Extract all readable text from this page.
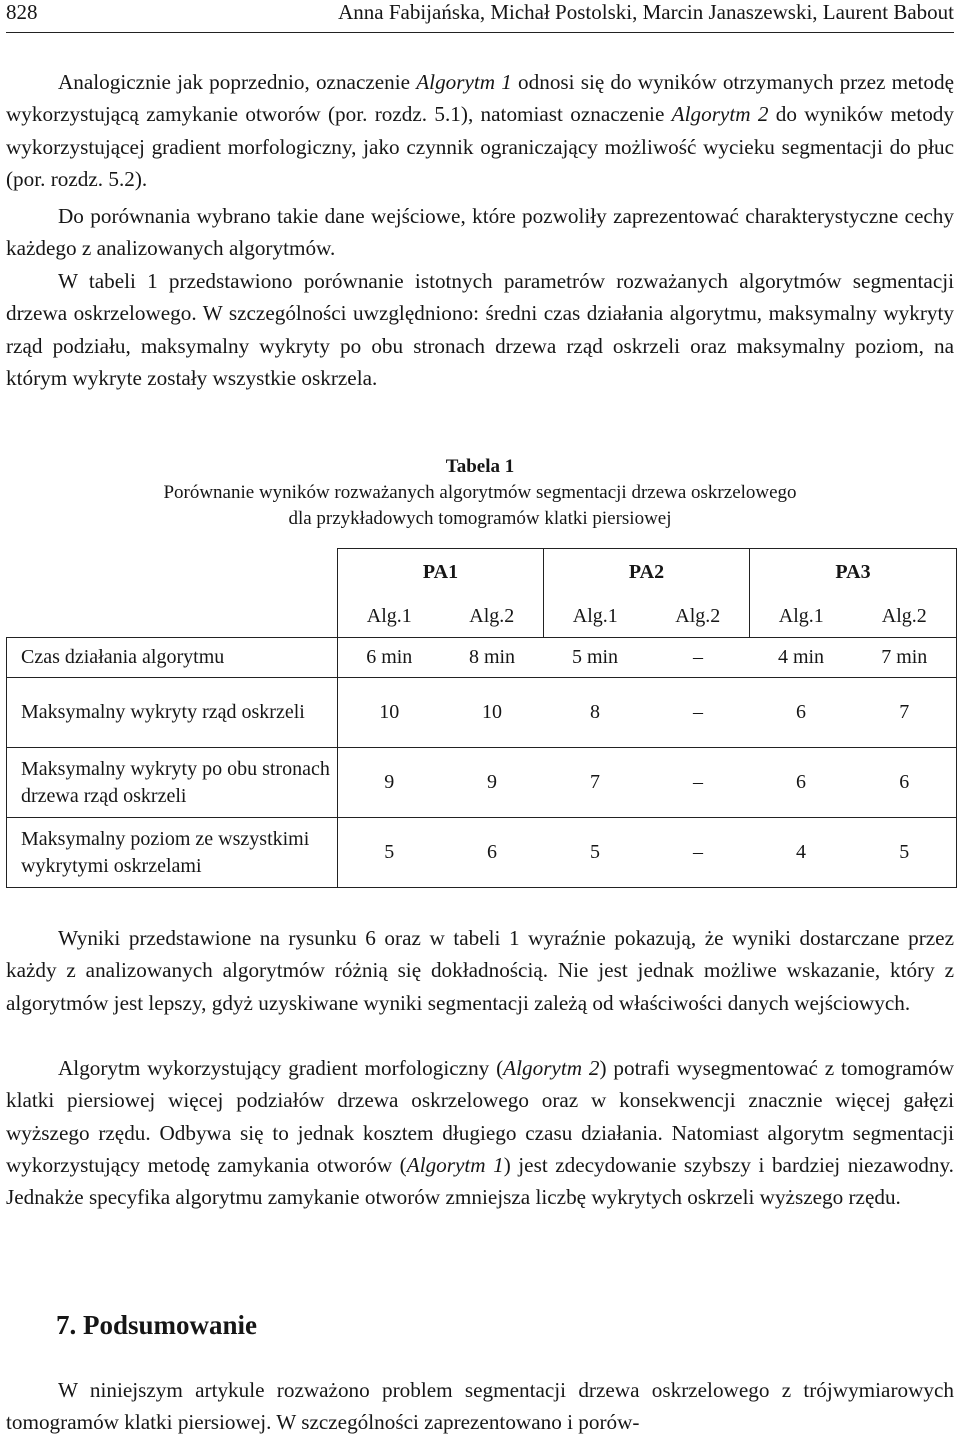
828	Anna Fabijańska, Michał Postolski, Marcin Janaszewski, Laurent Babout

Analogicznie jak poprzednio, oznaczenie Algorytm 1 odnosi się do wyników otrzymanych przez metodę wykorzystującą zamykanie otworów (por. rozdz. 5.1), natomiast oznaczenie Algorytm 2 do wyników metody wykorzystującej gradient morfologiczny, jako czynnik ograniczający możliwość wycieku segmentacji do płuc (por. rozdz. 5.2).

Do porównania wybrano takie dane wejściowe, które pozwoliły zaprezentować charakterystyczne cechy każdego z analizowanych algorytmów.

W tabeli 1 przedstawiono porównanie istotnych parametrów rozważanych algorytmów segmentacji drzewa oskrzelowego. W szczególności uwzględniono: średni czas działania algorytmu, maksymalny wykryty rząd podziału, maksymalny wykryty po obu stronach drzewa rząd oskrzeli oraz maksymalny poziom, na którym wykryte zostały wszystkie oskrzela.

Tabela 1
Porównanie wyników rozważanych algorytmów segmentacji drzewa oskrzelowego
dla przykładowych tomogramów klatki piersiowej
	PA1		PA2		PA3	
	Alg.1	Alg.2	Alg.1	Alg.2	Alg.1	Alg.2
Czas działania algorytmu	6 min	8 min	5 min	–	4 min	7 min
Maksymalny wykryty rząd oskrzeli	10	10	8	–	6	7
Maksymalny wykryty po obu stronach drzewa rząd oskrzeli	9	9	7	–	6	6
Maksymalny poziom ze wszystkimi wykrytymi oskrzelami	5	6	5	–	4	5

Wyniki przedstawione na rysunku 6 oraz w tabeli 1 wyraźnie pokazują, że wyniki dostarczane przez każdy z analizowanych algorytmów różnią się dokładnością. Nie jest jednak możliwe wskazanie, który z algorytmów jest lepszy, gdyż uzyskiwane wyniki segmentacji zależą od właściwości danych wejściowych.

Algorytm wykorzystujący gradient morfologiczny (Algorytm 2) potrafi wysegmentować z tomogramów klatki piersiowej więcej podziałów drzewa oskrzelowego oraz w konsekwencji znacznie więcej gałęzi wyższego rzędu. Odbywa się to jednak kosztem długiego czasu działania. Natomiast algorytm segmentacji wykorzystujący metodę zamykania otworów (Algorytm 1) jest zdecydowanie szybszy i bardziej niezawodny. Jednakże specyfika algorytmu zamykanie otworów zmniejsza liczbę wykrytych oskrzeli wyższego rzędu.

7. Podsumowanie

W niniejszym artykule rozważono problem segmentacji drzewa oskrzelowego z trójwymiarowych tomogramów klatki piersiowej. W szczególności zaprezentowano i porów-
